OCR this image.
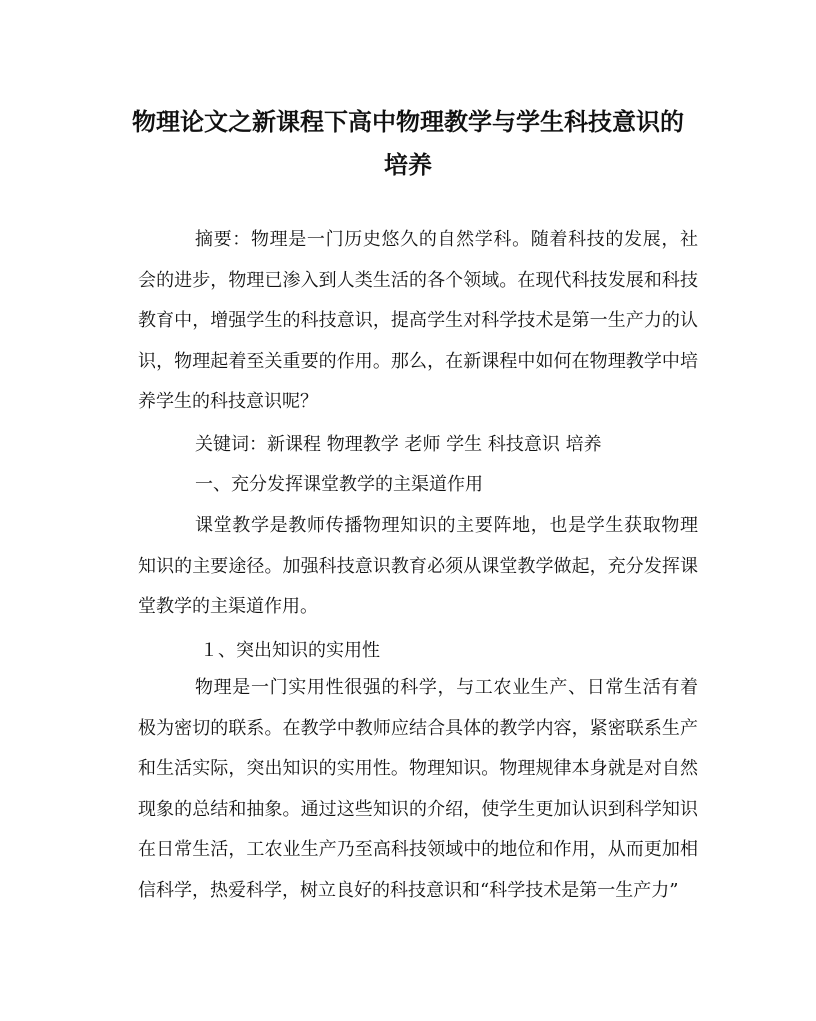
物理论文之新课程下高中物理教学与学生科技意识的
培养

摘要：物理是一门历史悠久的自然学科。随着科技的发展，社会的进步，物理已渗入到人类生活的各个领域。在现代科技发展和科技教育中，增强学生的科技意识，提高学生对科学技术是第一生产力的认识，物理起着至关重要的作用。那么，在新课程中如何在物理教学中培养学生的科技意识呢？

关键词：新课程 物理教学 老师 学生 科技意识 培养

一、充分发挥课堂教学的主渠道作用

课堂教学是教师传播物理知识的主要阵地，也是学生获取物理知识的主要途径。加强科技意识教育必须从课堂教学做起，充分发挥课堂教学的主渠道作用。

１、突出知识的实用性

物理是一门实用性很强的科学，与工农业生产、日常生活有着极为密切的联系。在教学中教师应结合具体的教学内容，紧密联系生产和生活实际，突出知识的实用性。物理知识。物理规律本身就是对自然现象的总结和抽象。通过这些知识的介绍，使学生更加认识到科学知识在日常生活，工农业生产乃至高科技领域中的地位和作用，从而更加相信科学，热爱科学，树立良好的科技意识和“科学技术是第一生产力”
